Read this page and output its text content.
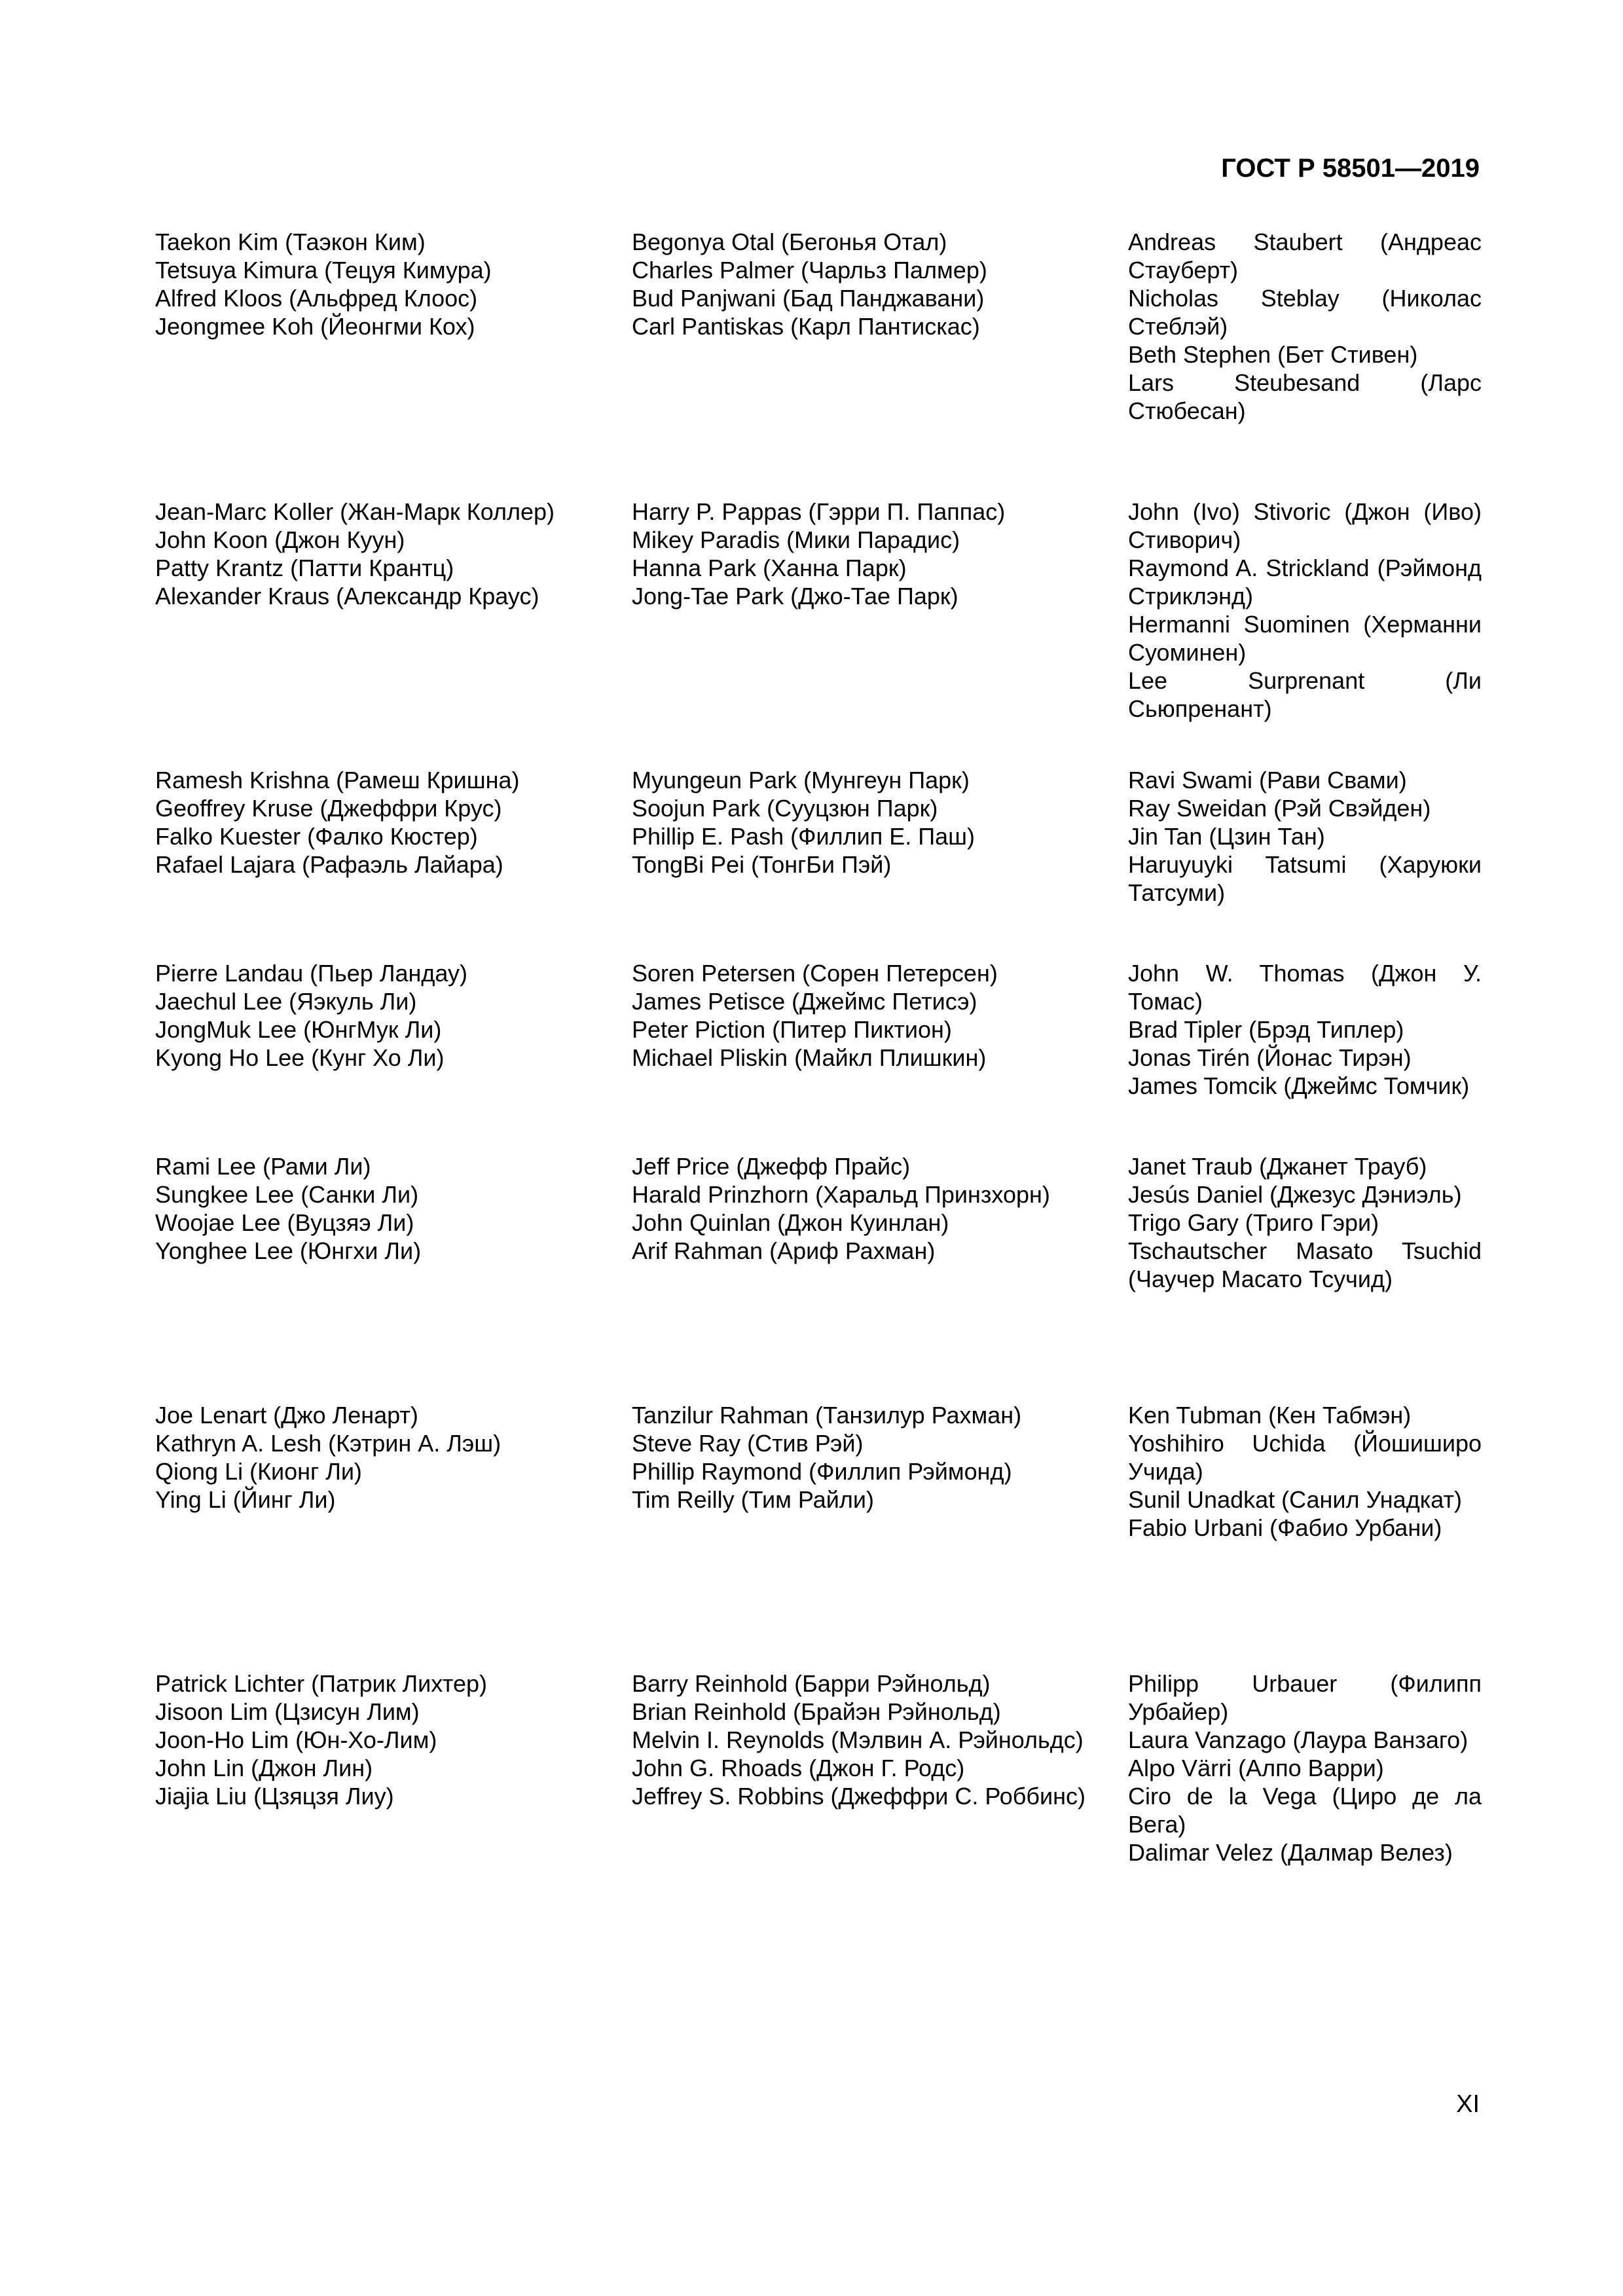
ГОСТ Р 58501—2019
Taekon Kim (Таэкон Ким)
Tetsuya Kimura (Тецуя Кимура)
Alfred Kloos (Альфред Клоос)
Jeongmee Koh (Йеонгми Кох)
Begonya Otal (Бегонья Отал)
Charles Palmer (Чарльз Палмер)
Bud Panjwani (Бад Панджавани)
Carl Pantiskas (Карл Пантискас)
Andreas Staubert (Андреас Стауберт)
Nicholas Steblay (Николас Стеблэй)
Beth Stephen (Бет Стивен)
Lars Steubesand (Ларс Стюбесан)
Jean-Marc Koller (Жан-Марк Коллер)
John Koon (Джон Куун)
Patty Krantz (Патти Крантц)
Alexander Kraus (Александр Краус)
Harry P. Pappas (Гэрри П. Паппас)
Mikey Paradis (Мики Парадис)
Hanna Park (Ханна Парк)
Jong-Tae Park (Джо-Тае Парк)
John (Ivo) Stivoric (Джон (Иво) Стиворич)
Raymond A. Strickland (Рэймонд Стриклэнд)
Hermanni Suominen (Херманни Суоминен)
Lee Surprenant (Ли Сьюпренант)
Ramesh Krishna (Рамеш Кришна)
Geoffrey Kruse (Джеффри Крус)
Falko Kuester (Фалко Кюстер)
Rafael Lajara (Рафаэль Лайара)
Myungeun Park (Мунгеун Парк)
Soojun Park (Сууцзюн Парк)
Phillip E. Pash (Филлип Е. Паш)
TongBi Pei (ТонгБи Пэй)
Ravi Swami (Рави Свами)
Ray Sweidan (Рэй Свэйден)
Jin Tan (Цзин Тан)
Haruyuyki Tatsumi (Харуюки Татсуми)
Pierre Landau (Пьер Ландау)
Jaechul Lee (Яэкуль Ли)
JongMuk Lee (ЮнгМук Ли)
Kyong Ho Lee (Кунг Хо Ли)
Soren Petersen (Сорен Петерсен)
James Petisce (Джеймс Петисэ)
Peter Piction (Питер Пиктион)
Michael Pliskin (Майкл Плишкин)
John W. Thomas (Джон У. Томас)
Brad Tipler (Брэд Типлер)
Jonas Tirén (Йонас Тирэн)
James Tomcik (Джеймс Томчик)
Rami Lee (Рами Ли)
Sungkee Lee (Санки Ли)
Woojae Lee (Вуцзяэ Ли)
Yonghee Lee (Юнгхи Ли)
Jeff Price (Джефф Прайс)
Harald Prinzhorn (Харальд Принзхорн)
John Quinlan (Джон Куинлан)
Arif Rahman (Ариф Рахман)
Janet Traub (Джанет Трауб)
Jesús Daniel (Джезус Дэниэль)
Trigo Gary (Триго Гэри)
Tschautscher Masato Tsuchid (Чаучер Масато Тсучид)
Joe Lenart (Джо Ленарт)
Kathryn A. Lesh (Кэтрин А. Лэш)
Qiong Li (Кионг Ли)
Ying Li (Йинг Ли)
Tanzilur Rahman (Танзилур Рахман)
Steve Ray (Стив Рэй)
Phillip Raymond (Филлип Рэймонд)
Tim Reilly (Тим Райли)
Ken Tubman (Кен Табмэн)
Yoshihiro Uchida (Йошиширо Учида)
Sunil Unadkat (Санил Унадкат)
Fabio Urbani (Фабио Урбани)
Patrick Lichter (Патрик Лихтер)
Jisoon Lim (Цзисун Лим)
Joon-Ho Lim (Юн-Хо-Лим)
John Lin (Джон Лин)
Jiajia Liu (Цзяцзя Лиу)
Barry Reinhold (Барри Рэйнольд)
Brian Reinhold (Брайэн Рэйнольд)
Melvin I. Reynolds (Мэлвин А. Рэйнольдс)
John G. Rhoads (Джон Г. Родс)
Jeffrey S. Robbins (Джеффри С. Роббинс)
Philipp Urbauer (Филипп Урбайер)
Laura Vanzago (Лаура Ванзаго)
Alpo Värri (Алпо Варри)
Ciro de la Vega (Циро де ла Вега)
Dalimar Velez (Далмар Велез)
XI
